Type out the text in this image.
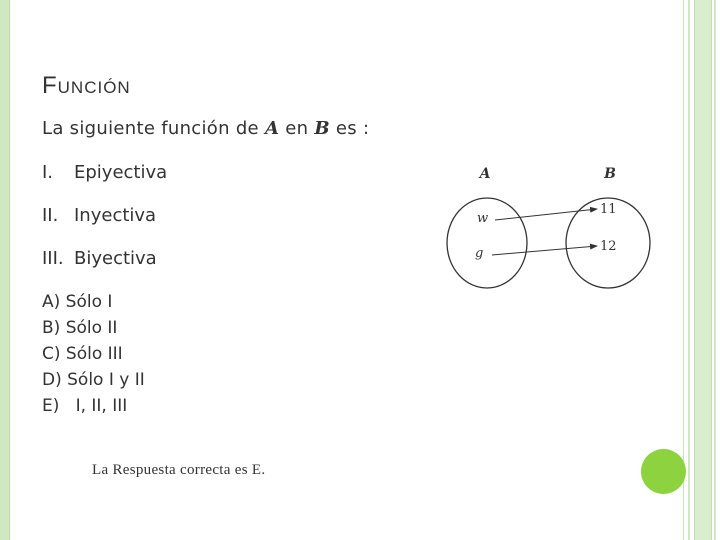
Función
La siguiente función de A en B es :
I. Epiyectiva
II. Inyectiva
III. Biyectiva
A) Sólo I
B) Sólo II
C) Sólo III
D) Sólo I y II
E)   I, II, III
A	B
w
g
11
12
La Respuesta correcta es E.
